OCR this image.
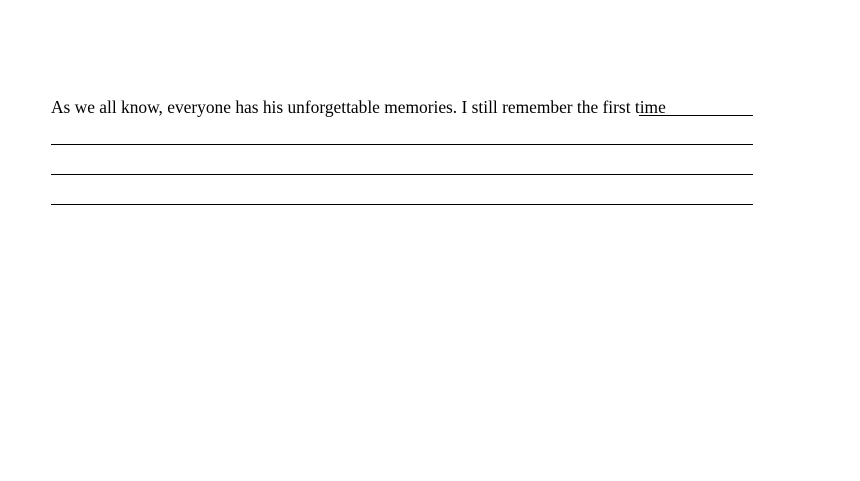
As we all know, everyone has his unforgettable memories. I still remember the first time
